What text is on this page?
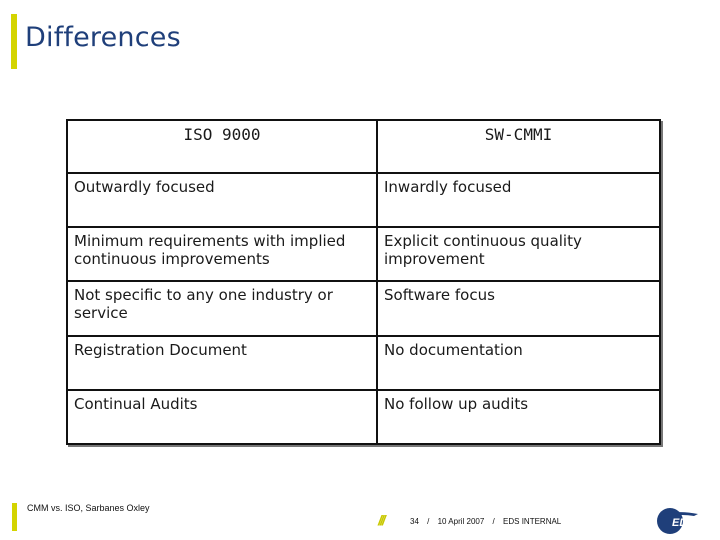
Differences
ISO 9000	SW-CMMI
Outwardly focused	Inwardly focused
Minimum requirements with implied continuous improvements	Explicit continuous quality improvement
Not specific to any one industry or service	Software focus
Registration Document	No documentation
Continual Audits	No follow up audits
CMM vs. ISO, Sarbanes Oxley
///	34 / 10 April 2007 / EDS INTERNAL	EDS
